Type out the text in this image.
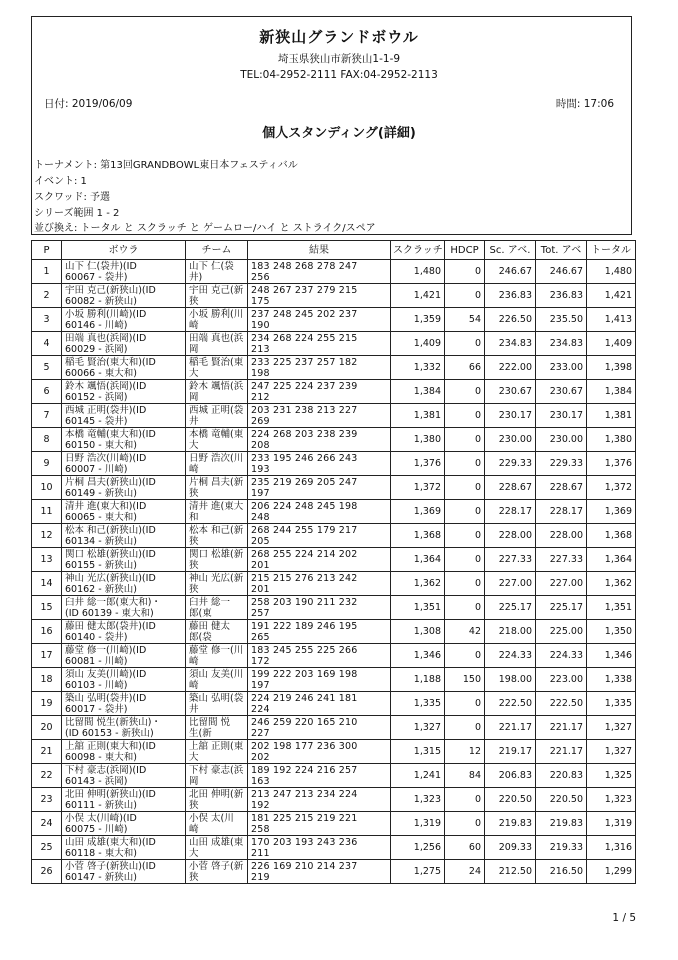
新狭山グランドボウル
埼玉県狭山市新狭山1-1-9
TEL:04-2952-2111 FAX:04-2952-2113
日付: 2019/06/09	時間: 17:06
個人スタンディング(詳細)
トーナメント: 第13回GRANDBOWL東日本フェスティバル
イベント: 1
スクワッド: 予選
シリーズ範囲 1 - 2
並び換え: トータル と スクラッチ と ゲームロー/ハイ と ストライク/スペア
P	ボウラ	チーム	結果	スクラッチ	HDCP	Sc. アベ.	Tot. アベ	トータル
1	山下 仁(袋井)(ID
60067 - 袋井)	山下 仁(袋
井)	183 248 268 278 247
256	1,480	0	246.67	246.67	1,480
2	宇田 克己(新狭山)(ID
60082 - 新狭山)	宇田 克己(新
狭	248 267 237 279 215
175	1,421	0	236.83	236.83	1,421
3	小坂 勝利(川崎)(ID
60146 - 川崎)	小坂 勝利(川
崎	237 248 245 202 237
190	1,359	54	226.50	235.50	1,413
4	田端 真也(浜岡)(ID
60029 - 浜岡)	田端 真也(浜
岡	234 268 224 255 215
213	1,409	0	234.83	234.83	1,409
5	稲毛 賢治(東大和)(ID
60066 - 東大和)	稲毛 賢治(東
大	233 225 237 257 182
198	1,332	66	222.00	233.00	1,398
6	鈴木 颯悟(浜岡)(ID
60152 - 浜岡)	鈴木 颯悟(浜
岡	247 225 224 237 239
212	1,384	0	230.67	230.67	1,384
7	西城 正明(袋井)(ID
60145 - 袋井)	西城 正明(袋
井	203 231 238 213 227
269	1,381	0	230.17	230.17	1,381
8	本橋 竜輔(東大和)(ID
60150 - 東大和)	本橋 竜輔(東
大	224 268 203 238 239
208	1,380	0	230.00	230.00	1,380
9	日野 浩次(川崎)(ID
60007 - 川崎)	日野 浩次(川
崎	233 195 246 266 243
193	1,376	0	229.33	229.33	1,376
10	片桐 昌夫(新狭山)(ID
60149 - 新狭山)	片桐 昌夫(新
狭	235 219 269 205 247
197	1,372	0	228.67	228.67	1,372
11	清井 進(東大和)(ID
60065 - 東大和)	清井 進(東大
和	206 224 248 245 198
248	1,369	0	228.17	228.17	1,369
12	松本 和己(新狭山)(ID
60134 - 新狭山)	松本 和己(新
狭	268 244 255 179 217
205	1,368	0	228.00	228.00	1,368
13	関口 松雄(新狭山)(ID
60155 - 新狭山)	関口 松雄(新
狭	268 255 224 214 202
201	1,364	0	227.33	227.33	1,364
14	神山 光広(新狭山)(ID
60162 - 新狭山)	神山 光広(新
狭	215 215 276 213 242
201	1,362	0	227.00	227.00	1,362
15	臼井 総一郎(東大和)・
(ID 60139 - 東大和)	臼井 総一
郎(東	258 203 190 211 232
257	1,351	0	225.17	225.17	1,351
16	藤田 健太郎(袋井)(ID
60140 - 袋井)	藤田 健太
郎(袋	191 222 189 246 195
265	1,308	42	218.00	225.00	1,350
17	藤堂 修一(川崎)(ID
60081 - 川崎)	藤堂 修一(川
崎	183 245 255 225 266
172	1,346	0	224.33	224.33	1,346
18	須山 友美(川崎)(ID
60103 - 川崎)	須山 友美(川
崎	199 222 203 169 198
197	1,188	150	198.00	223.00	1,338
19	築山 弘明(袋井)(ID
60017 - 袋井)	築山 弘明(袋
井	224 219 246 241 181
224	1,335	0	222.50	222.50	1,335
20	比留間 悦生(新狭山)・
(ID 60153 - 新狭山)	比留間 悦
生(新	246 259 220 165 210
227	1,327	0	221.17	221.17	1,327
21	上舘 正則(東大和)(ID
60098 - 東大和)	上舘 正則(東
大	202 198 177 236 300
202	1,315	12	219.17	221.17	1,327
22	下村 豪志(浜岡)(ID
60143 - 浜岡)	下村 豪志(浜
岡	189 192 224 216 257
163	1,241	84	206.83	220.83	1,325
23	北田 伸明(新狭山)(ID
60111 - 新狭山)	北田 伸明(新
狭	213 247 213 234 224
192	1,323	0	220.50	220.50	1,323
24	小俣 太(川崎)(ID
60075 - 川崎)	小俣 太(川
崎	181 225 215 219 221
258	1,319	0	219.83	219.83	1,319
25	山田 成雄(東大和)(ID
60118 - 東大和)	山田 成雄(東
大	170 203 193 243 236
211	1,256	60	209.33	219.33	1,316
26	小菅 啓子(新狭山)(ID
60147 - 新狭山)	小菅 啓子(新
狭	226 169 210 214 237
219	1,275	24	212.50	216.50	1,299
1 / 5
